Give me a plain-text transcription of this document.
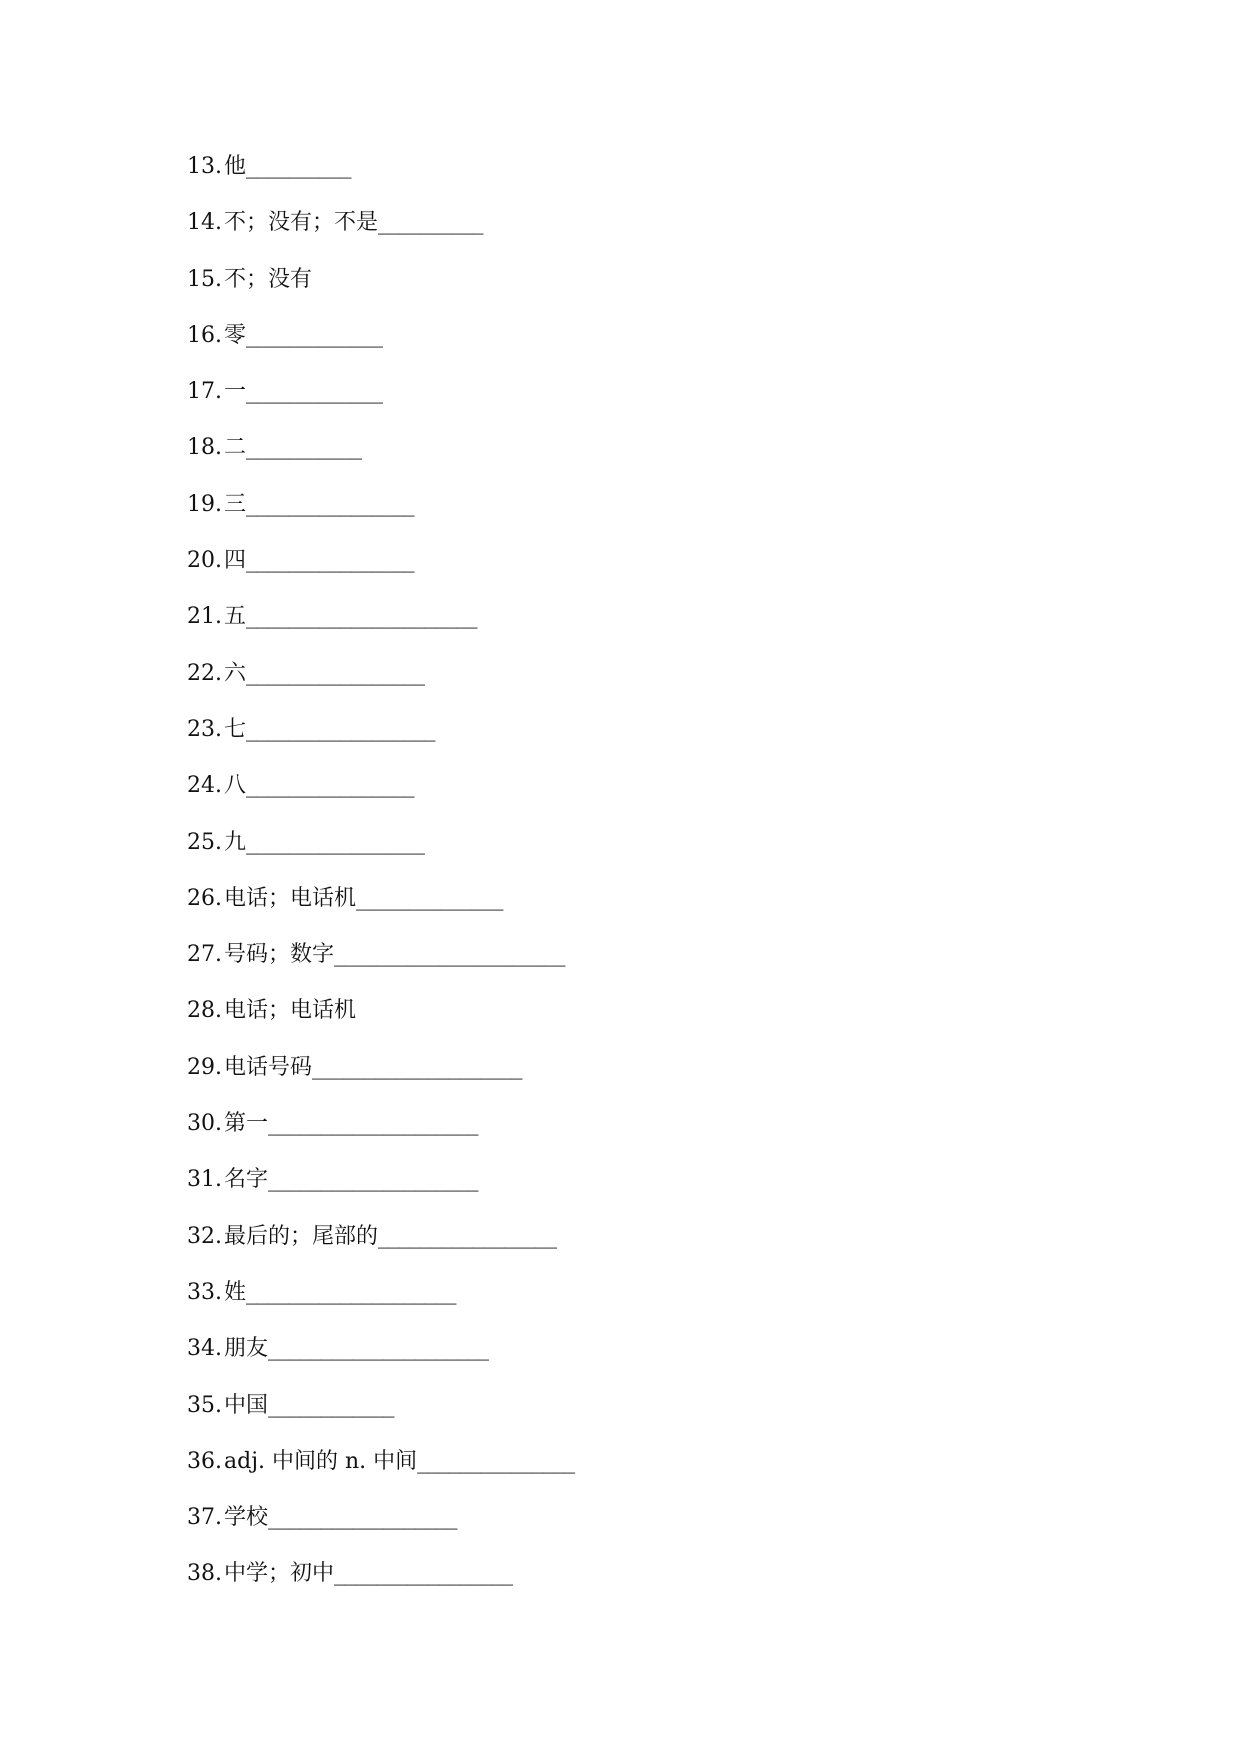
13. 他 __________
14. 不；没有；不是 __________
15. 不；没有
16. 零 _____________
17. 一 _____________
18. 二 ___________
19. 三 ________________
20. 四 ________________
21. 五 ______________________
22. 六 _________________
23. 七 __________________
24. 八 ________________
25. 九 _________________
26. 电话；电话机 ______________
27. 号码；数字 ______________________
28. 电话；电话机
29. 电话号码 ____________________
30. 第一 ____________________
31. 名字 ____________________
32. 最后的；尾部的 _________________
33. 姓 ____________________
34. 朋友 _____________________
35. 中国 ____________
36. adj. 中间的 n. 中间 _______________
37. 学校 __________________
38. 中学；初中 _________________
